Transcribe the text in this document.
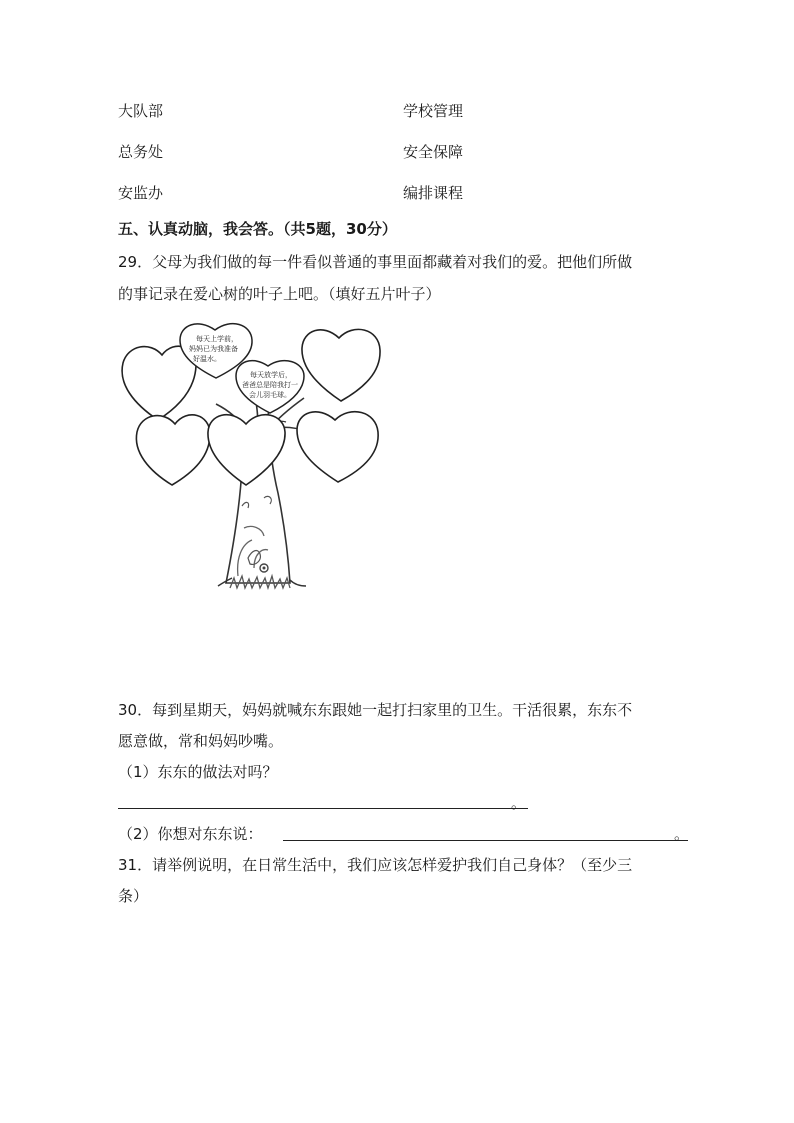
大队部	学校管理
总务处	安全保障
安监办	编排课程
五、认真动脑，我会答。（共5题，30分）
29．父母为我们做的每一件看似普通的事里面都藏着对我们的爱。把他们所做
的事记录在爱心树的叶子上吧。（填好五片叶子）
每天上学前，
妈妈已为我准备
好温水。
每天放学后，
爸爸总是陪我打一
会儿羽毛球。
30．每到星期天，妈妈就喊东东跟她一起打扫家里的卫生。干活很累，东东不
愿意做，常和妈妈吵嘴。
（1）东东的做法对吗？
。
（2）你想对东东说：	。
31．请举例说明，在日常生活中，我们应该怎样爱护我们自己身体？（至少三
条）
